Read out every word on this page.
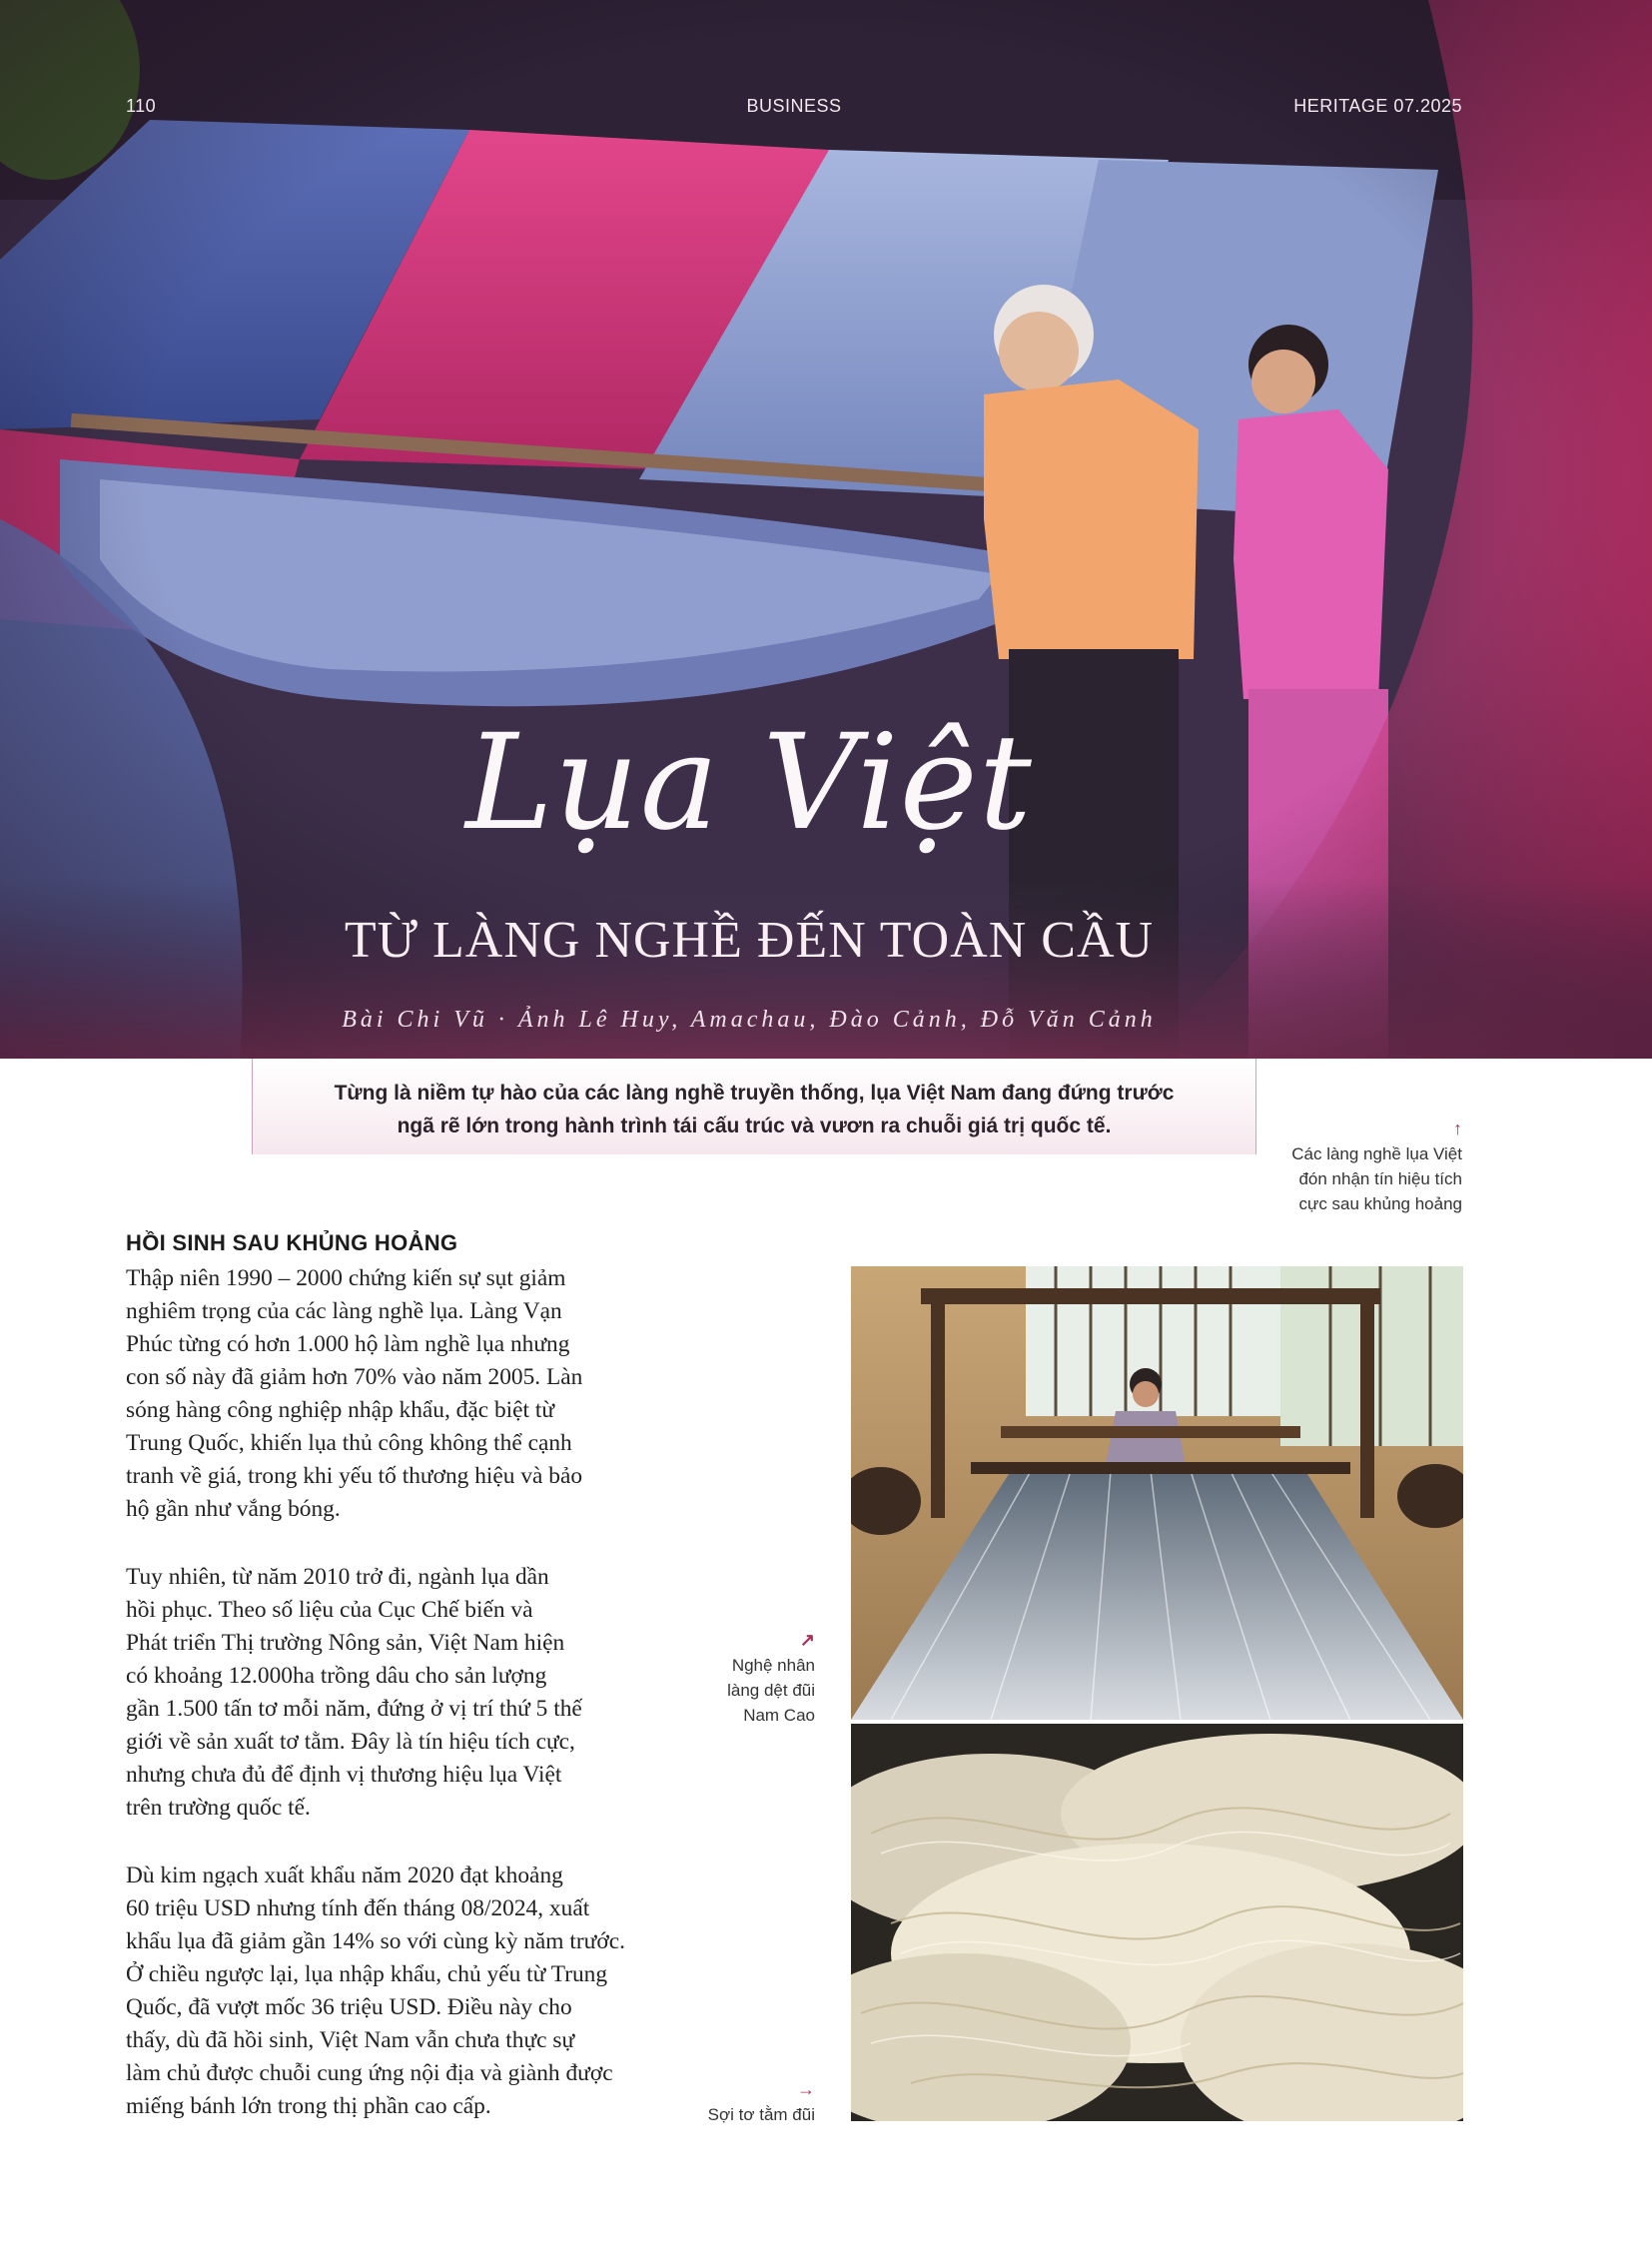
110	BUSINESS	HERITAGE 07.2025
Lụa Việt
TỪ LÀNG NGHỀ ĐẾN TOÀN CẦU
Bài Chi Vũ · Ảnh Lê Huy, Amachau, Đào Cảnh, Đỗ Văn Cảnh
Từng là niềm tự hào của các làng nghề truyền thống, lụa Việt Nam đang đứng trước
ngã rẽ lớn trong hành trình tái cấu trúc và vươn ra chuỗi giá trị quốc tế.	↑
Các làng nghề lụa Việt
đón nhận tín hiệu tích
cực sau khủng hoảng
HỒI SINH SAU KHỦNG HOẢNG
Thập niên 1990 – 2000 chứng kiến sự sụt giảm
nghiêm trọng của các làng nghề lụa. Làng Vạn
Phúc từng có hơn 1.000 hộ làm nghề lụa nhưng
con số này đã giảm hơn 70% vào năm 2005. Làn
sóng hàng công nghiệp nhập khẩu, đặc biệt từ
Trung Quốc, khiến lụa thủ công không thể cạnh
tranh về giá, trong khi yếu tố thương hiệu và bảo
hộ gần như vắng bóng.
Tuy nhiên, từ năm 2010 trở đi, ngành lụa dần
hồi phục. Theo số liệu của Cục Chế biến và
Phát triển Thị trường Nông sản, Việt Nam hiện
có khoảng 12.000ha trồng dâu cho sản lượng
gần 1.500 tấn tơ mỗi năm, đứng ở vị trí thứ 5 thế
giới về sản xuất tơ tằm. Đây là tín hiệu tích cực,
nhưng chưa đủ để định vị thương hiệu lụa Việt
trên trường quốc tế.
Dù kim ngạch xuất khẩu năm 2020 đạt khoảng
60 triệu USD nhưng tính đến tháng 08/2024, xuất
khẩu lụa đã giảm gần 14% so với cùng kỳ năm trước.
Ở chiều ngược lại, lụa nhập khẩu, chủ yếu từ Trung
Quốc, đã vượt mốc 36 triệu USD. Điều này cho
thấy, dù đã hồi sinh, Việt Nam vẫn chưa thực sự
làm chủ được chuỗi cung ứng nội địa và giành được
miếng bánh lớn trong thị phần cao cấp.
↗
Nghệ nhân
làng dệt đũi
Nam Cao
→
Sợi tơ tằm đũi
